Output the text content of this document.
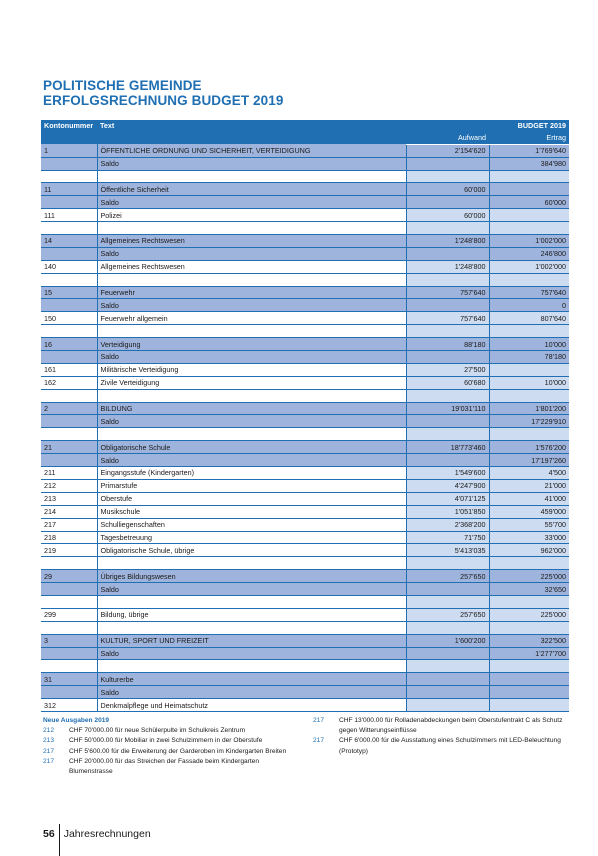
POLITISCHE GEMEINDE
ERFOLGSRECHNUNG BUDGET 2019
Kontonummer	Text	BUDGET 2019	
		Aufwand	Ertrag
1	ÖFFENTLICHE ORDNUNG UND SICHERHEIT, VERTEIDIGUNG	2'154'620	1'769'640
	Saldo		384'980

11	Öffentliche Sicherheit	60'000	
	Saldo		60'000
111	Polizei	60'000	

14	Allgemeines Rechtswesen	1'248'800	1'002'000
	Saldo		246'800
140	Allgemeines Rechtswesen	1'248'800	1'002'000

15	Feuerwehr	757'640	757'640
	Saldo		0
150	Feuerwehr allgemein	757'640	807'640

16	Verteidigung	88'180	10'000
	Saldo		78'180
161	Militärische Verteidigung	27'500	
162	Zivile Verteidigung	60'680	10'000

2	BILDUNG	19'031'110	1'801'200
	Saldo		17'229'910

21	Obligatorische Schule	18'773'460	1'576'200
	Saldo		17'197'260
211	Eingangsstufe (Kindergarten)	1'549'600	4'500
212	Primarstufe	4'247'900	21'000
213	Oberstufe	4'071'125	41'000
214	Musikschule	1'051'850	459'000
217	Schulliegenschaften	2'368'200	55'700
218	Tagesbetreuung	71'750	33'000
219	Obligatorische Schule, übrige	5'413'035	962'000

29	Übriges Bildungswesen	257'650	225'000
	Saldo		32'650

299	Bildung, übrige	257'650	225'000

3	KULTUR, SPORT UND FREIZEIT	1'600'200	322'500
	Saldo		1'277'700

31	Kulturerbe		
	Saldo		
312	Denkmalpflege und Heimatschutz		
Neue Ausgaben 2019
212	CHF 70'000.00 für neue Schülerpulte im Schulkreis Zentrum
213	CHF 50'000.00 für Mobiliar in zwei Schulzimmern in der Oberstufe
217	CHF 5'600.00 für die Erweiterung der Garderoben im Kindergarten Breiten
217	CHF 20'000.00 für das Streichen der Fassade beim Kindergarten Blumenstrasse
217	CHF 13'000.00 für Rolladenabdeckungen beim Oberstufentrakt C als Schutz
gegen Witterungseinflüsse
217	CHF 6'000.00 für die Ausstattung eines Schulzimmers mit LED-Beleuchtung
(Prototyp)
56 Jahresrechnungen
